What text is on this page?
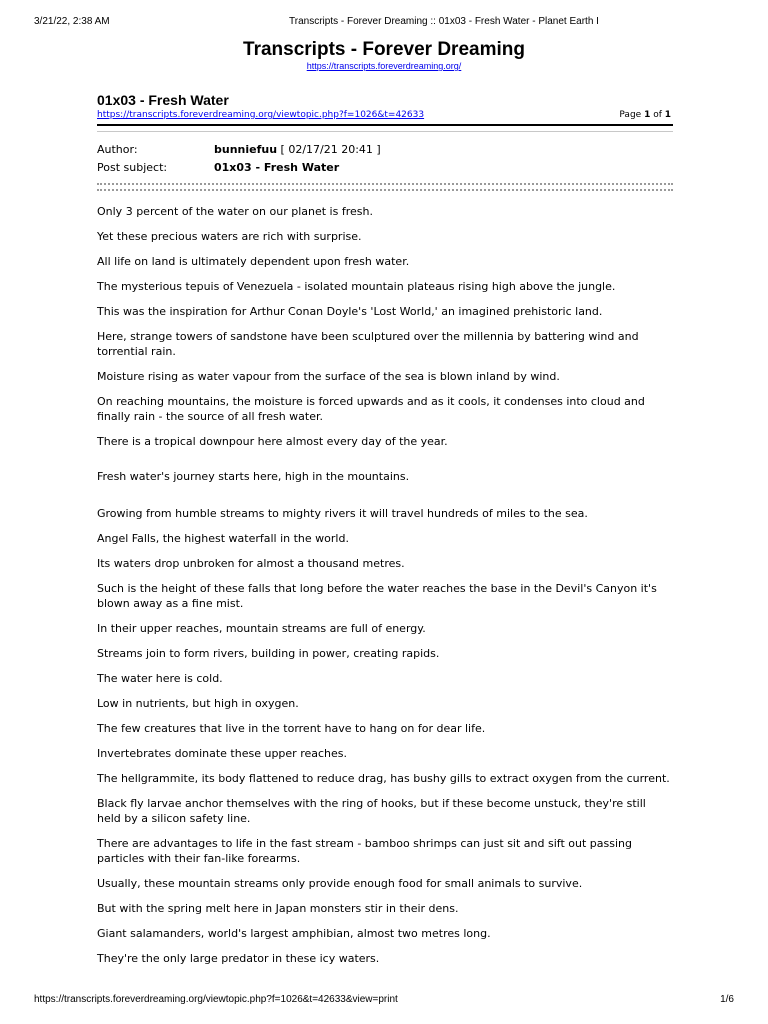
3/21/22, 2:38 AM	Transcripts - Forever Dreaming :: 01x03 - Fresh Water - Planet Earth I
Transcripts - Forever Dreaming
https://transcripts.foreverdreaming.org/
01x03 - Fresh Water
https://transcripts.foreverdreaming.org/viewtopic.php?f=1026&t=42633	Page 1 of 1
Author:	bunniefuu [ 02/17/21 20:41 ]
Post subject:	01x03 - Fresh Water

Only 3 percent of the water on our planet is fresh.

Yet these precious waters are rich with surprise.

All life on land is ultimately dependent upon fresh water.

The mysterious tepuis of Venezuela - isolated mountain plateaus rising high above the jungle.

This was the inspiration for Arthur Conan Doyle's 'Lost World,' an imagined prehistoric land.

Here, strange towers of sandstone have been sculptured over the millennia by battering wind and torrential rain.

Moisture rising as water vapour from the surface of the sea is blown inland by wind.

On reaching mountains, the moisture is forced upwards and as it cools, it condenses into cloud and finally rain - the source of all fresh water.

There is a tropical downpour here almost every day of the year.

Fresh water's journey starts here, high in the mountains.

Growing from humble streams to mighty rivers it will travel hundreds of miles to the sea.

Angel Falls, the highest waterfall in the world.

Its waters drop unbroken for almost a thousand metres.

Such is the height of these falls that long before the water reaches the base in the Devil's Canyon it's blown away as a fine mist.

In their upper reaches, mountain streams are full of energy.

Streams join to form rivers, building in power, creating rapids.

The water here is cold.

Low in nutrients, but high in oxygen.

The few creatures that live in the torrent have to hang on for dear life.

Invertebrates dominate these upper reaches.

The hellgrammite, its body flattened to reduce drag, has bushy gills to extract oxygen from the current.

Black fly larvae anchor themselves with the ring of hooks, but if these become unstuck, they're still held by a silicon safety line.

There are advantages to life in the fast stream - bamboo shrimps can just sit and sift out passing particles with their fan-like forearms.

Usually, these mountain streams only provide enough food for small animals to survive.

But with the spring melt here in Japan monsters stir in their dens.

Giant salamanders, world's largest amphibian, almost two metres long.

They're the only large predator in these icy waters.

https://transcripts.foreverdreaming.org/viewtopic.php?f=1026&t=42633&view=print	1/6
